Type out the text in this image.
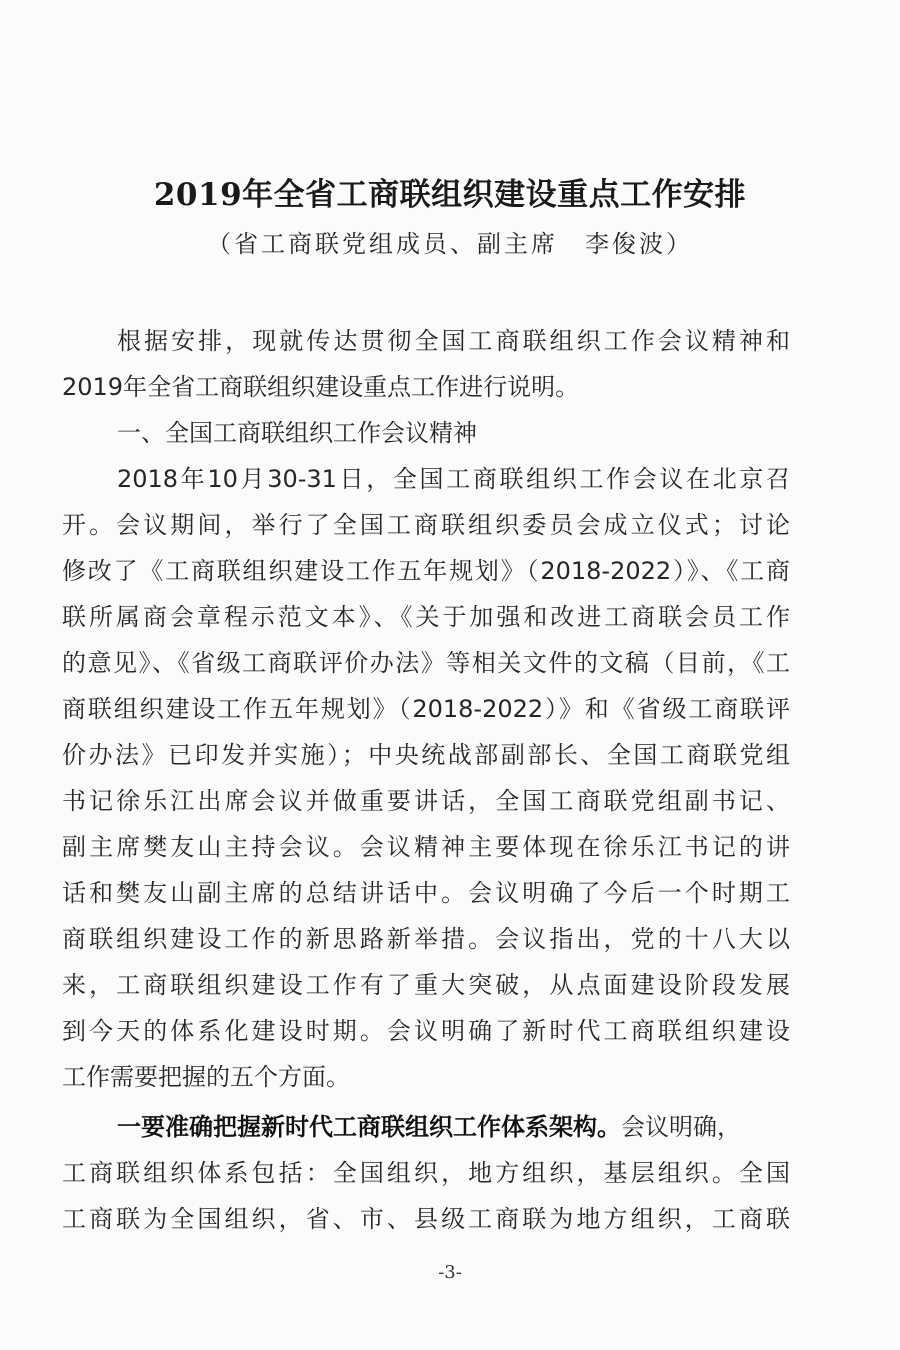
2019年全省工商联组织建设重点工作安排
（省工商联党组成员、副主席　李俊波）
根据安排，现就传达贯彻全国工商联组织工作会议精神和
2019年全省工商联组织建设重点工作进行说明。
一、全国工商联组织工作会议精神
2018年10月30-31日，全国工商联组织工作会议在北京召
开。会议期间，举行了全国工商联组织委员会成立仪式；讨论
修改了《工商联组织建设工作五年规划》（2018-2022）》、《工商
联所属商会章程示范文本》、《关于加强和改进工商联会员工作
的意见》、《省级工商联评价办法》等相关文件的文稿（目前，《工
商联组织建设工作五年规划》（2018-2022）》和《省级工商联评
价办法》已印发并实施）；中央统战部副部长、全国工商联党组
书记徐乐江出席会议并做重要讲话，全国工商联党组副书记、
副主席樊友山主持会议。会议精神主要体现在徐乐江书记的讲
话和樊友山副主席的总结讲话中。会议明确了今后一个时期工
商联组织建设工作的新思路新举措。会议指出，党的十八大以
来，工商联组织建设工作有了重大突破，从点面建设阶段发展
到今天的体系化建设时期。会议明确了新时代工商联组织建设
工作需要把握的五个方面。
一要准确把握新时代工商联组织工作体系架构。会议明确，
工商联组织体系包括：全国组织，地方组织，基层组织。全国
工商联为全国组织，省、市、县级工商联为地方组织，工商联
-3-
